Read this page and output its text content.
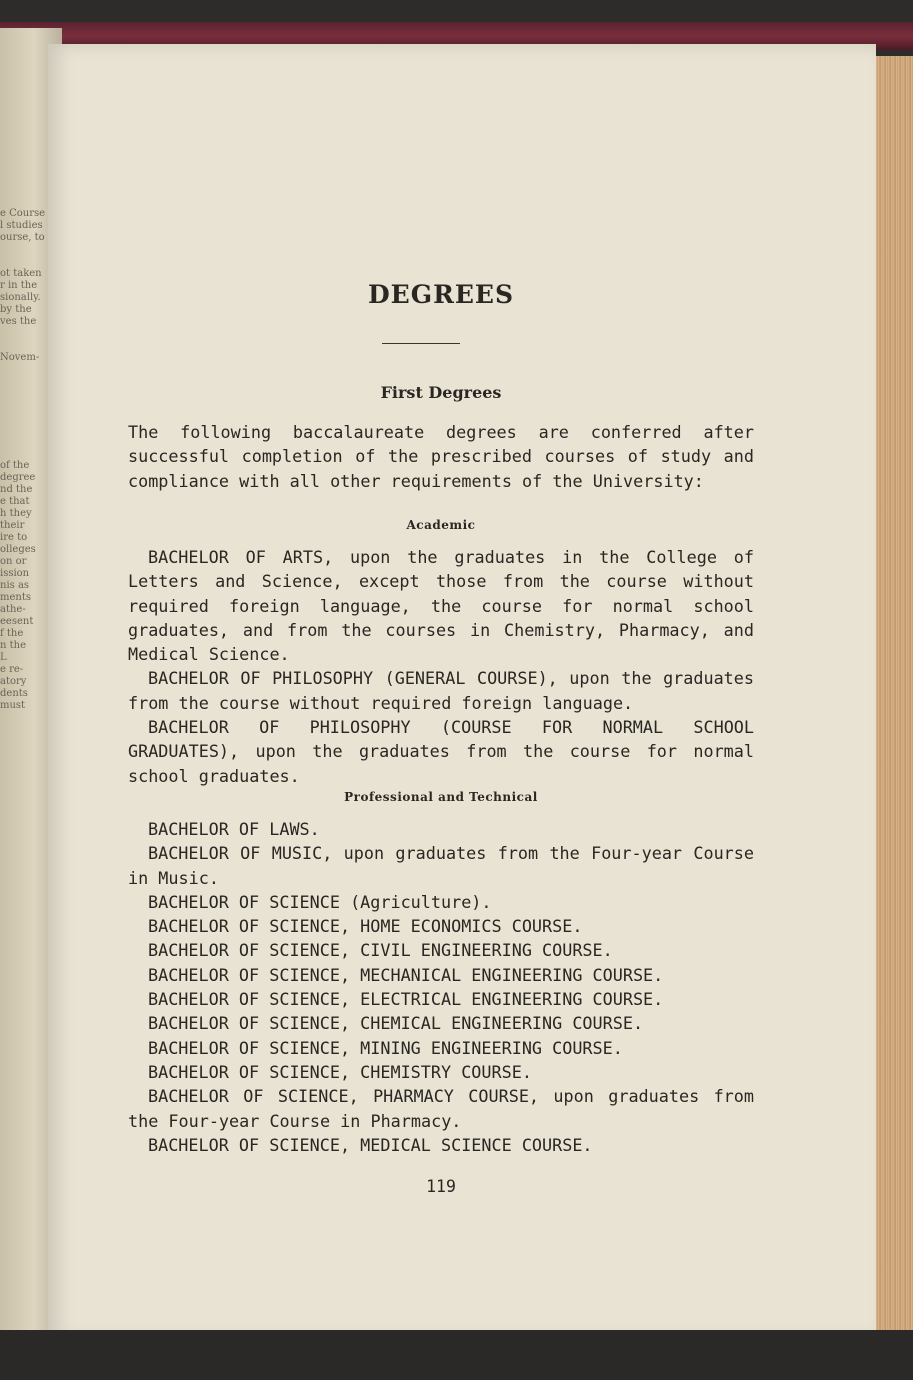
e Course
l studies
ourse, to

ot taken
r in the
sionally.
by the
ves the

Novem-

of the
degree
nd the
e that
h they
their
ire to
olleges
on or
ission
nis as
ments
athe-
eesent
f the
n the
L
e re-
atory
dents
must
DEGREES
First Degrees
The following baccalaureate degrees are conferred after successful completion of the prescribed courses of study and compliance with all other requirements of the University:
Academic

BACHELOR OF ARTS, upon the graduates in the College of Letters and Science, except those from the course without required foreign language, the course for normal school graduates, and from the courses in Chemistry, Pharmacy, and Medical Science.

BACHELOR OF PHILOSOPHY (GENERAL COURSE), upon the graduates from the course without required foreign language.

BACHELOR OF PHILOSOPHY (COURSE FOR NORMAL SCHOOL GRADUATES), upon the graduates from the course for normal school graduates.

Professional and Technical

BACHELOR OF LAWS.

BACHELOR OF MUSIC, upon graduates from the Four-year Course in Music.

BACHELOR OF SCIENCE (Agriculture).

BACHELOR OF SCIENCE, HOME ECONOMICS COURSE.

BACHELOR OF SCIENCE, CIVIL ENGINEERING COURSE.

BACHELOR OF SCIENCE, MECHANICAL ENGINEERING COURSE.

BACHELOR OF SCIENCE, ELECTRICAL ENGINEERING COURSE.

BACHELOR OF SCIENCE, CHEMICAL ENGINEERING COURSE.

BACHELOR OF SCIENCE, MINING ENGINEERING COURSE.

BACHELOR OF SCIENCE, CHEMISTRY COURSE.

BACHELOR OF SCIENCE, PHARMACY COURSE, upon graduates from the Four-year Course in Pharmacy.

BACHELOR OF SCIENCE, MEDICAL SCIENCE COURSE.

119
